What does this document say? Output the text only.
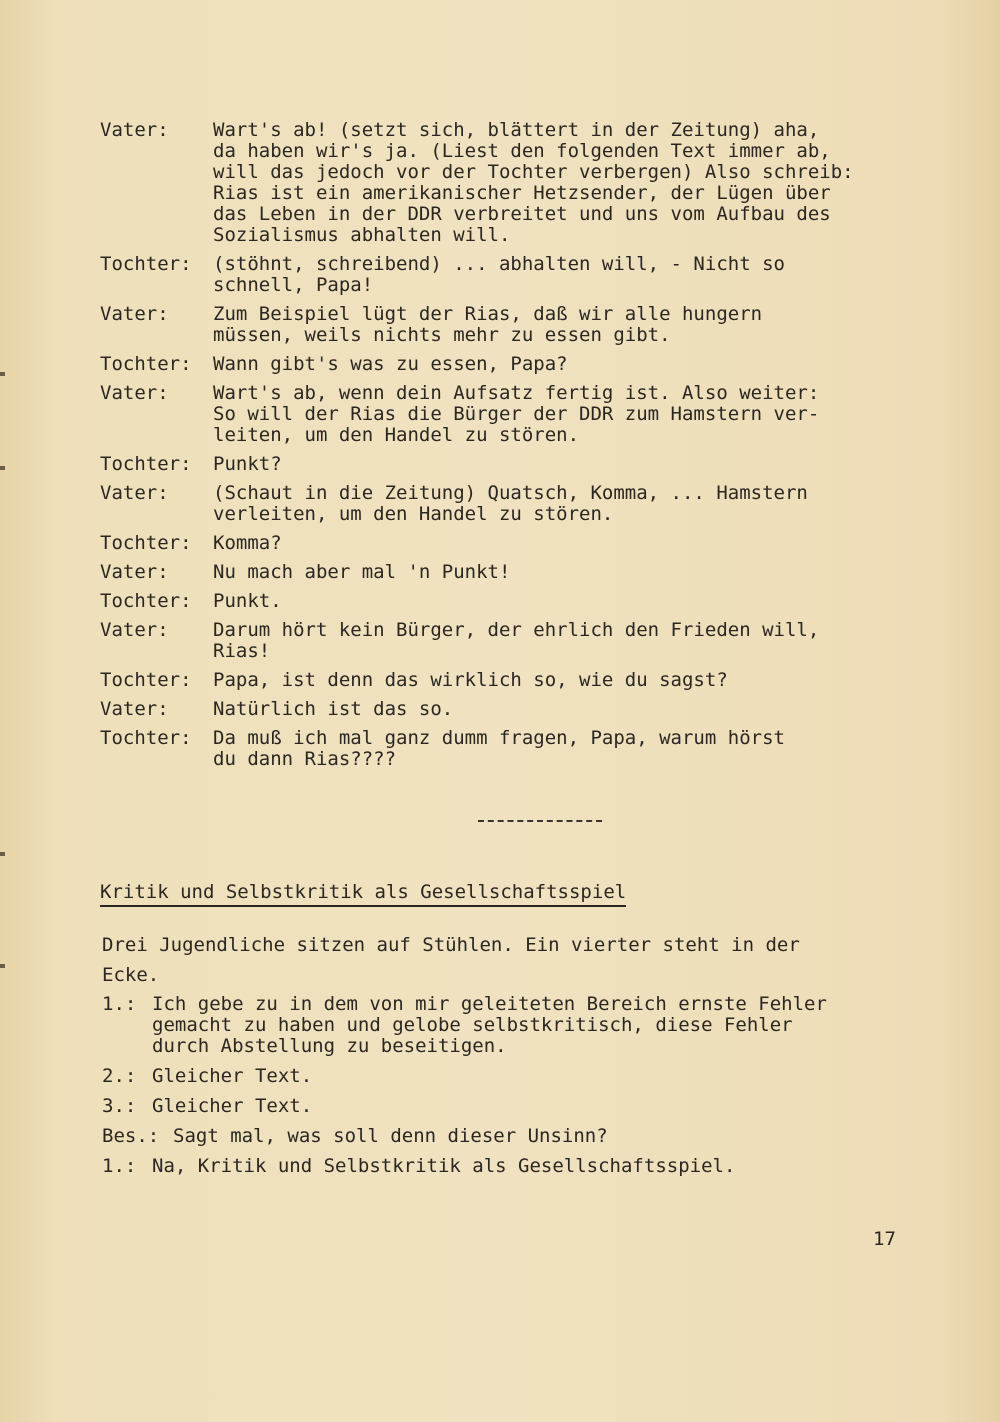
Vater:	Wart's ab! (setzt sich, blättert in der Zeitung) aha,
da haben wir's ja. (Liest den folgenden Text immer ab,
will das jedoch vor der Tochter verbergen) Also schreib:
Rias ist ein amerikanischer Hetzsender, der Lügen über
das Leben in der DDR verbreitet und uns vom Aufbau des
Sozialismus abhalten will.
Tochter:	(stöhnt, schreibend) ... abhalten will, - Nicht so
schnell, Papa!
Vater:	Zum Beispiel lügt der Rias, daß wir alle hungern
müssen, weils nichts mehr zu essen gibt.
Tochter:	Wann gibt's was zu essen, Papa?
Vater:	Wart's ab, wenn dein Aufsatz fertig ist. Also weiter:
So will der Rias die Bürger der DDR zum Hamstern ver-
leiten, um den Handel zu stören.
Tochter:	Punkt?
Vater:	(Schaut in die Zeitung) Quatsch, Komma, ... Hamstern
verleiten, um den Handel zu stören.
Tochter:	Komma?
Vater:	Nu mach aber mal 'n Punkt!
Tochter:	Punkt.
Vater:	Darum hört kein Bürger, der ehrlich den Frieden will,
Rias!
Tochter:	Papa, ist denn das wirklich so, wie du sagst?
Vater:	Natürlich ist das so.
Tochter:	Da muß ich mal ganz dumm fragen, Papa, warum hörst
du dann Rias????
Kritik und Selbstkritik als Gesellschaftsspiel
Drei Jugendliche sitzen auf Stühlen. Ein vierter steht in der
Ecke.
1.: Ich gebe zu in dem von mir geleiteten Bereich ernste Fehler
gemacht zu haben und gelobe selbstkritisch, diese Fehler
durch Abstellung zu beseitigen.
2.: Gleicher Text.
3.: Gleicher Text.
Bes.: Sagt mal, was soll denn dieser Unsinn?
1.: Na, Kritik und Selbstkritik als Gesellschaftsspiel.
17
